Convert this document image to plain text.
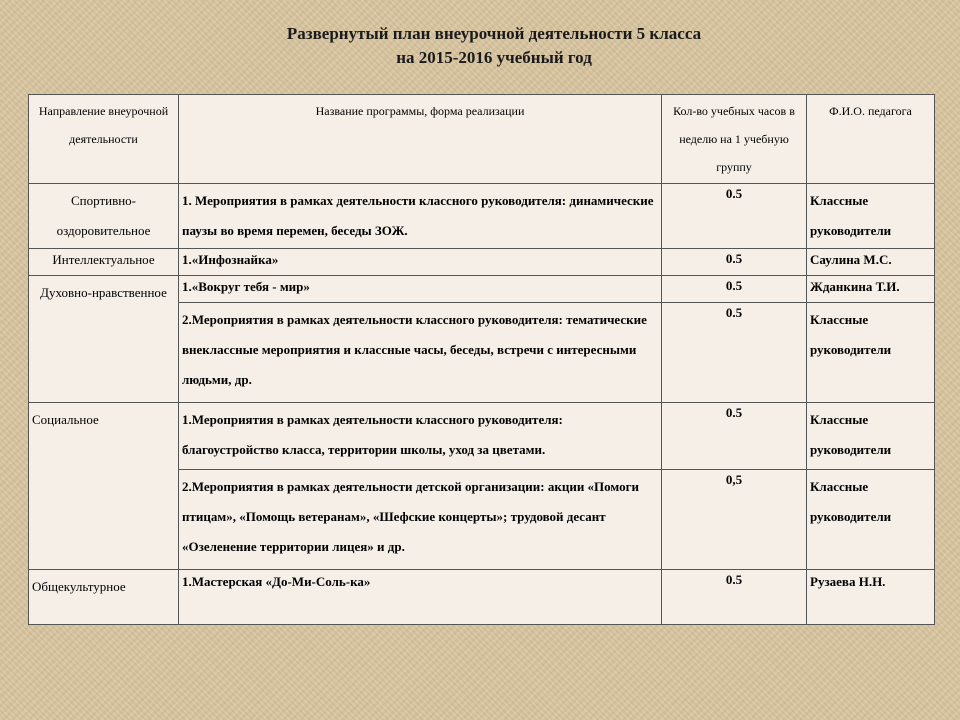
Развернутый план внеурочной деятельности 5 класса
на 2015-2016 учебный год
Направление внеурочной деятельности	Название программы, форма реализации	Кол-во учебных часов в неделю на 1 учебную группу	Ф.И.О. педагога
Спортивно-оздоровительное	1. Мероприятия в рамках деятельности классного руководителя: динамические паузы во время перемен, беседы ЗОЖ.	0.5	Классные руководители
Интеллектуальное	1.«Инфознайка»	0.5	Саулина М.С.
Духовно-нравственное	1.«Вокруг тебя - мир»	0.5	Жданкина Т.И.
	2.Мероприятия в рамках деятельности классного руководителя: тематические внеклассные мероприятия и классные часы, беседы, встречи с интересными людьми, др.	0.5	Классные руководители
Социальное	1.Мероприятия в рамках деятельности классного руководителя: благоустройство класса, территории школы, уход за цветами.	0.5	Классные руководители
	2.Мероприятия в рамках деятельности детской организации: акции «Помоги птицам», «Помощь ветеранам», «Шефские концерты»; трудовой десант «Озеленение территории лицея» и др.	0,5	Классные руководители
Общекультурное	1.Мастерская «До-Ми-Соль-ка»	0.5	Рузаева Н.Н.
